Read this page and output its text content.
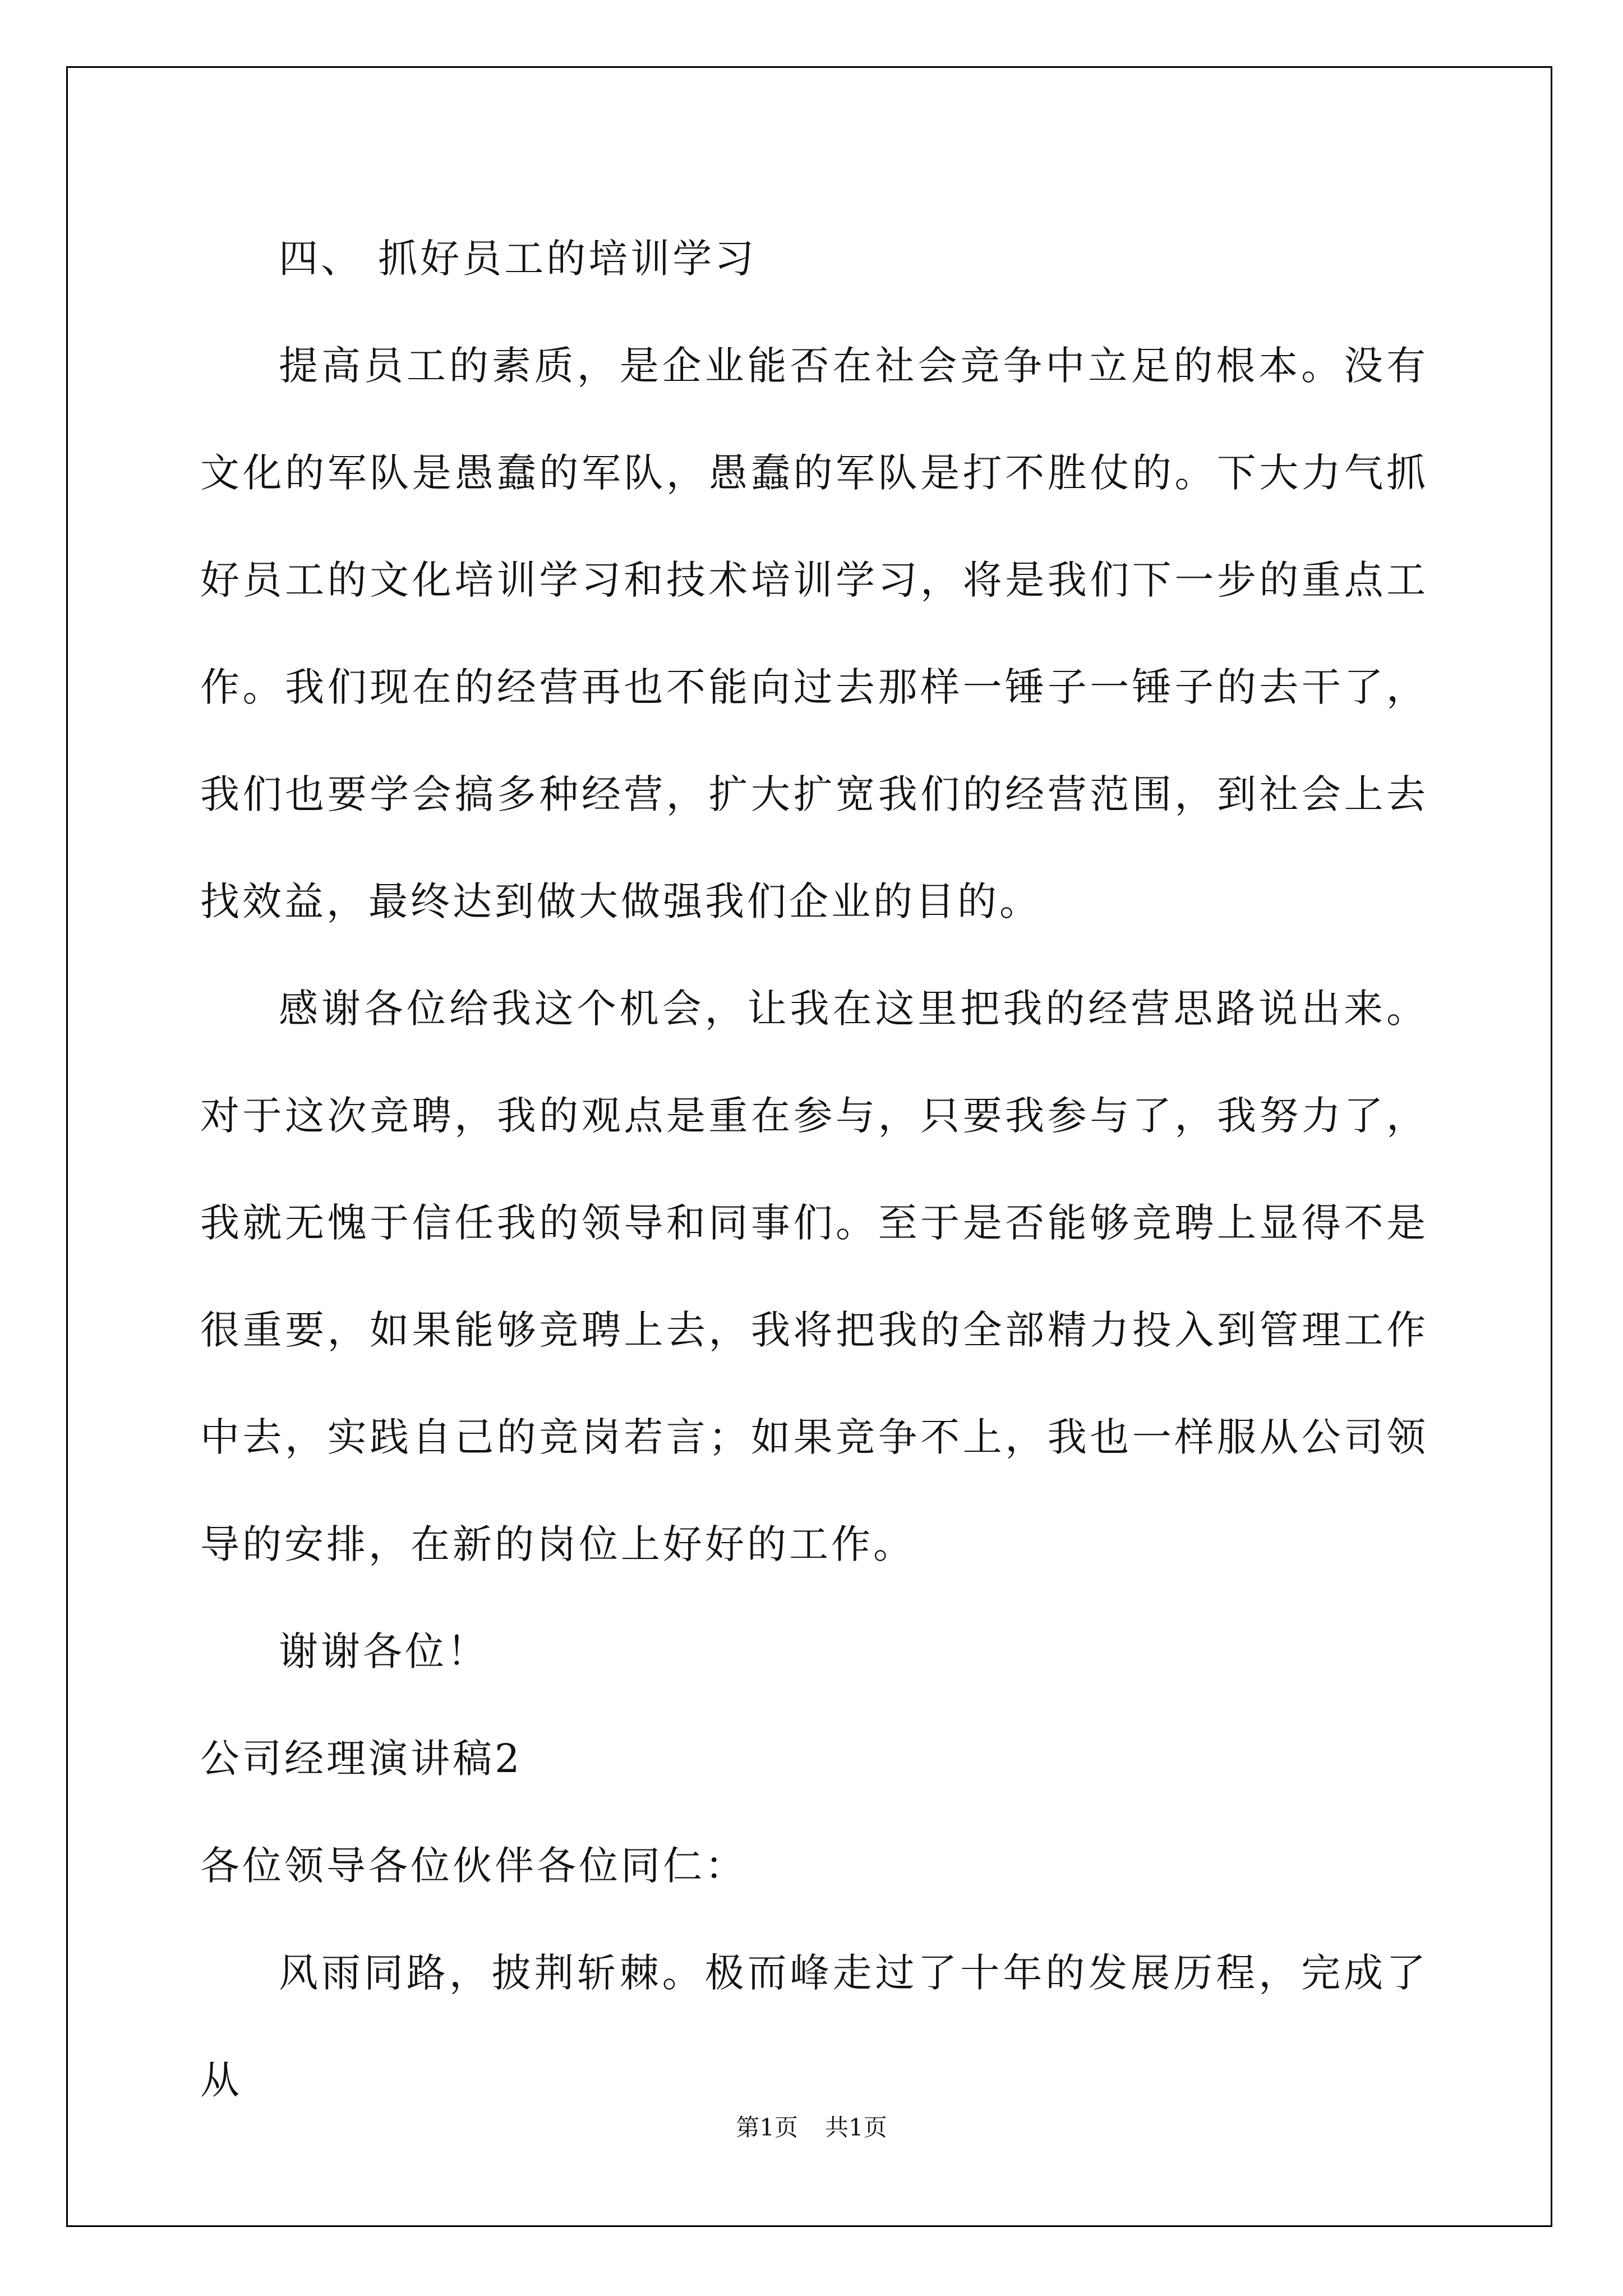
四、 抓好员工的培训学习

提高员工的素质，是企业能否在社会竞争中立足的根本。没有文化的军队是愚蠢的军队，愚蠢的军队是打不胜仗的。下大力气抓好员工的文化培训学习和技术培训学习，将是我们下一步的重点工作。我们现在的经营再也不能向过去那样一锤子一锤子的去干了，我们也要学会搞多种经营，扩大扩宽我们的经营范围，到社会上去找效益，最终达到做大做强我们企业的目的。

感谢各位给我这个机会，让我在这里把我的经营思路说出来。对于这次竞聘，我的观点是重在参与，只要我参与了，我努力了，我就无愧于信任我的领导和同事们。至于是否能够竞聘上显得不是很重要，如果能够竞聘上去，我将把我的全部精力投入到管理工作中去，实践自己的竞岗若言；如果竞争不上，我也一样服从公司领导的安排，在新的岗位上好好的工作。

谢谢各位！

公司经理演讲稿2

各位领导各位伙伴各位同仁：

风雨同路，披荆斩棘。极而峰走过了十年的发展历程，完成了从

第1页 共1页
